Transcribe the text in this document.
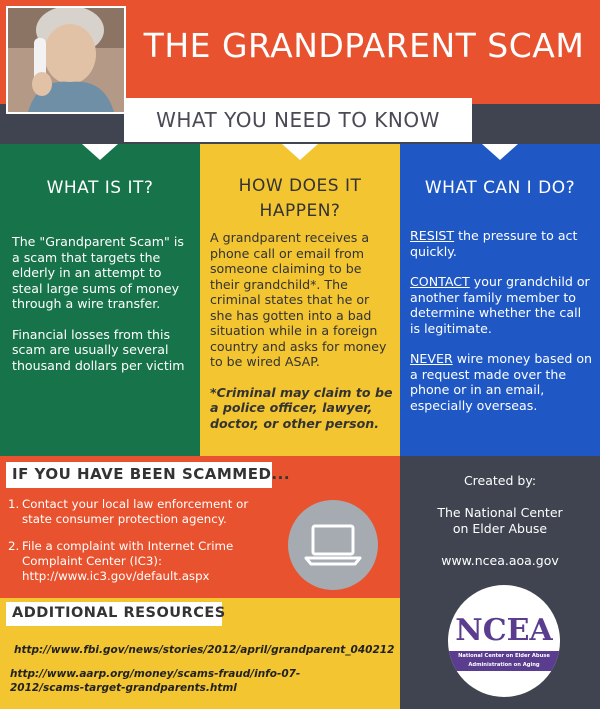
THE GRANDPARENT SCAM
WHAT YOU NEED TO KNOW
WHAT IS IT?

The "Grandparent Scam" is a scam that targets the elderly in an attempt to steal large sums of money through a wire transfer.

Financial losses from this scam are usually several thousand dollars per victim

HOW DOES IT
HAPPEN?

A grandparent receives a phone call or email from someone claiming to be their grandchild*. The criminal states that he or she has gotten into a bad situation while in a foreign country and asks for money to be wired ASAP.

*Criminal may claim to be a police officer, lawyer, doctor, or other person.

WHAT CAN I DO?

RESIST the pressure to act quickly.

CONTACT your grandchild or another family member to determine whether the call is legitimate.

NEVER wire money based on a request made over the phone or in an email, especially overseas.

IF YOU HAVE BEEN SCAMMED...
1. Contact your local law enforcement or state consumer protection agency.
2. File a complaint with Internet Crime Complaint Center (IC3): http://www.ic3.gov/default.aspx
ADDITIONAL RESOURCES
http://www.fbi.gov/news/stories/2012/april/grandparent_040212
http://www.aarp.org/money/scams-fraud/info-07-2012/scams-target-grandparents.html
Created by:
The National Center
on Elder Abuse
www.ncea.aoa.gov
NCEA
National Center on Elder Abuse
Administration on Aging
